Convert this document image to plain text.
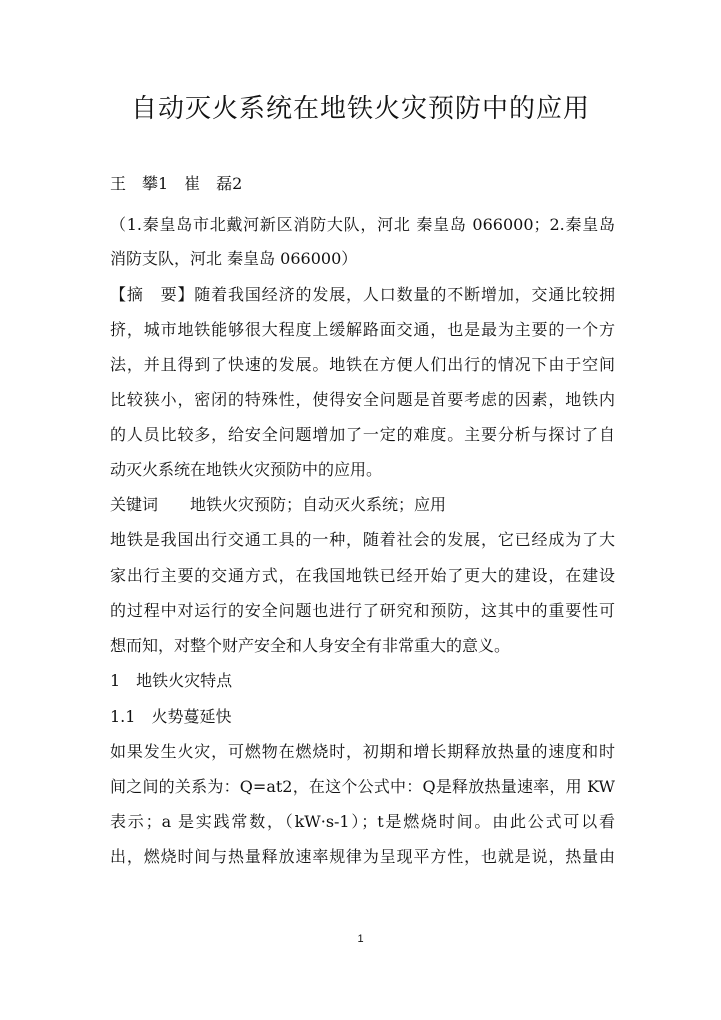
自动灭火系统在地铁火灾预防中的应用
王　攀1　崔　磊2
（1.秦皇岛市北戴河新区消防大队，河北 秦皇岛 066000；2.秦皇岛
消防支队，河北 秦皇岛 066000）
【摘　要】随着我国经济的发展，人口数量的不断增加，交通比较拥
挤，城市地铁能够很大程度上缓解路面交通，也是最为主要的一个方
法，并且得到了快速的发展。地铁在方便人们出行的情况下由于空间
比较狭小，密闭的特殊性，使得安全问题是首要考虑的因素，地铁内
的人员比较多，给安全问题增加了一定的难度。主要分析与探讨了自
动灭火系统在地铁火灾预防中的应用。
关键词　　地铁火灾预防；自动灭火系统；应用
地铁是我国出行交通工具的一种，随着社会的发展，它已经成为了大
家出行主要的交通方式，在我国地铁已经开始了更大的建设，在建设
的过程中对运行的安全问题也进行了研究和预防，这其中的重要性可
想而知，对整个财产安全和人身安全有非常重大的意义。
1　地铁火灾特点
1.1　火势蔓延快
如果发生火灾，可燃物在燃烧时，初期和增长期释放热量的速度和时
间之间的关系为：Q=at2，在这个公式中：Q是释放热量速率，用 KW
表示；a 是实践常数，（kW·s-1）；t是燃烧时间。由此公式可以看
出，燃烧时间与热量释放速率规律为呈现平方性，也就是说，热量由
1
